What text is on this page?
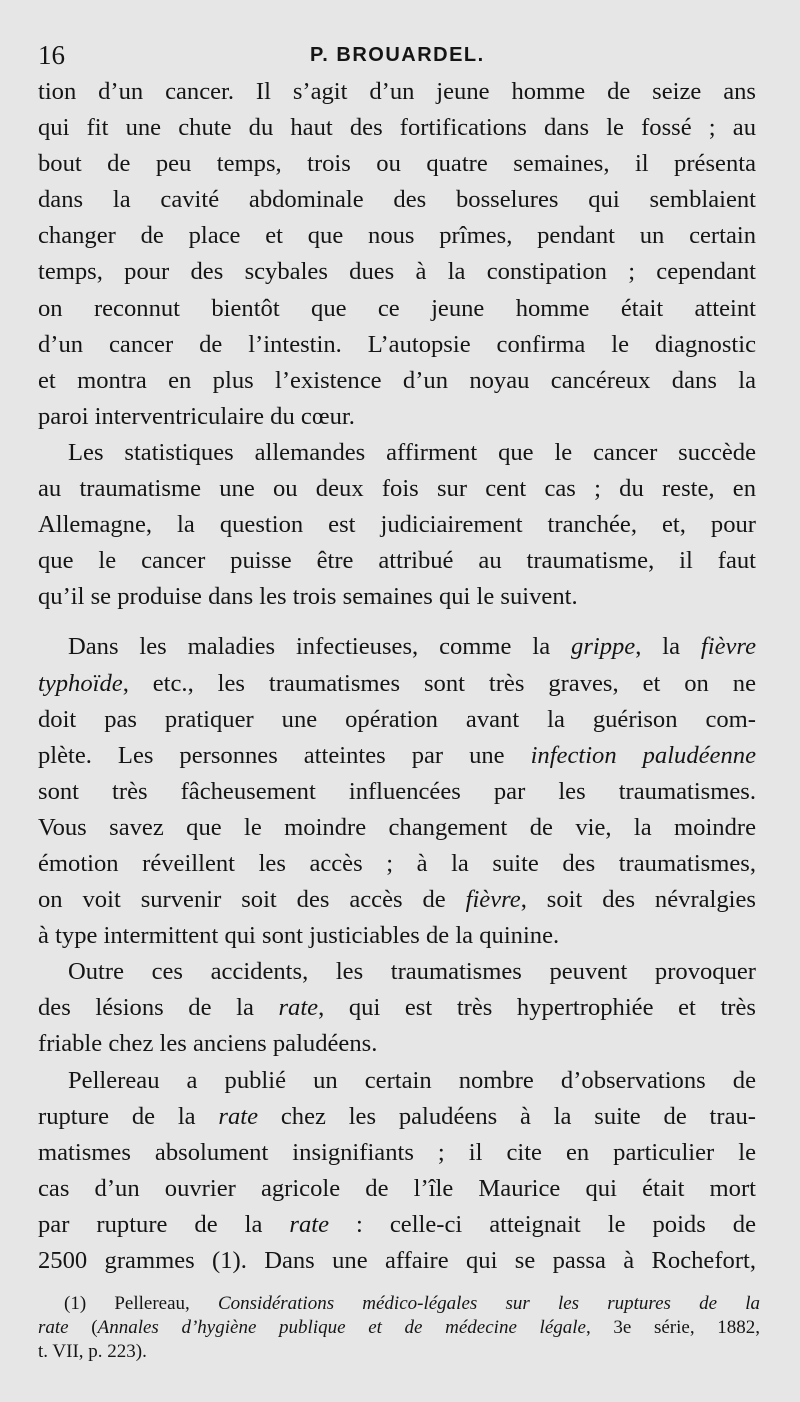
16	P. BROUARDEL.
tion d’un cancer. Il s’agit d’un jeune homme de seize ans
qui fit une chute du haut des fortifications dans le fossé ; au
bout de peu temps, trois ou quatre semaines, il présenta
dans la cavité abdominale des bosselures qui semblaient
changer de place et que nous prîmes, pendant un certain
temps, pour des scybales dues à la constipation ; cependant
on reconnut bientôt que ce jeune homme était atteint
d’un cancer de l’intestin. L’autopsie confirma le diagnostic
et montra en plus l’existence d’un noyau cancéreux dans la
paroi interventriculaire du cœur.
Les statistiques allemandes affirment que le cancer succède
au traumatisme une ou deux fois sur cent cas ; du reste, en
Allemagne, la question est judiciairement tranchée, et, pour
que le cancer puisse être attribué au traumatisme, il faut
qu’il se produise dans les trois semaines qui le suivent.
Dans les maladies infectieuses, comme la grippe, la fièvre
typhoïde, etc., les traumatismes sont très graves, et on ne
doit pas pratiquer une opération avant la guérison com-
plète. Les personnes atteintes par une infection paludéenne
sont très fâcheusement influencées par les traumatismes.
Vous savez que le moindre changement de vie, la moindre
émotion réveillent les accès ; à la suite des traumatismes,
on voit survenir soit des accès de fièvre, soit des névralgies
à type intermittent qui sont justiciables de la quinine.
Outre ces accidents, les traumatismes peuvent provoquer
des lésions de la rate, qui est très hypertrophiée et très
friable chez les anciens paludéens.
Pellereau a publié un certain nombre d’observations de
rupture de la rate chez les paludéens à la suite de trau-
matismes absolument insignifiants ; il cite en particulier le
cas d’un ouvrier agricole de l’île Maurice qui était mort
par rupture de la rate : celle-ci atteignait le poids de
2500 grammes (1). Dans une affaire qui se passa à Rochefort,
(1) Pellereau, Considérations médico-légales sur les ruptures de la
rate (Annales d’hygiène publique et de médecine légale, 3e série, 1882,
t. VII, p. 223).
